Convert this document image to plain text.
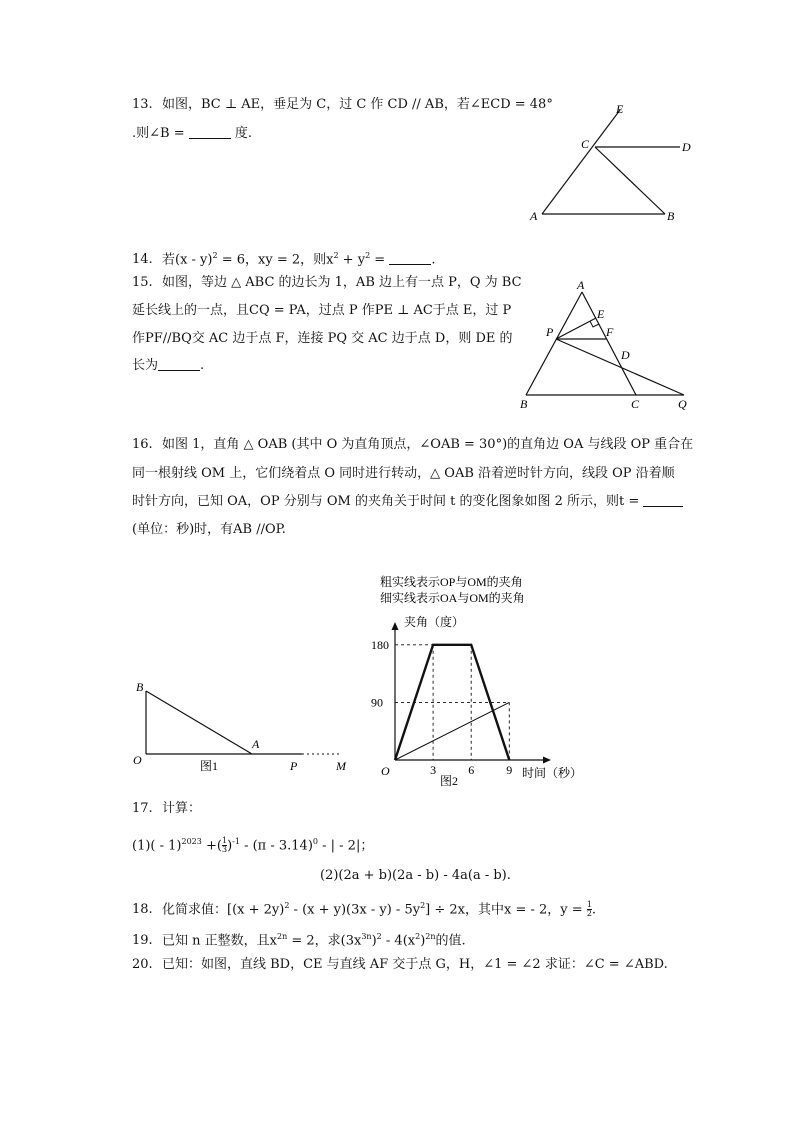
13. 如图，BC ⊥ AE，垂足为 C，过 C 作 CD // AB，若∠ECD = 48°
.则∠B =	度.
E
C	D
A	B
14. 若(x - y)$^2$ = 6，xy = 2，则$x^2 + y^2$ =	.
15. 如图，等边 △ ABC 的边长为 1，AB 边上有一点 P，Q 为 BC
延长线上的一点，且CQ = PA，过点 P 作PE ⊥ AC于点 E，过 P
作PF//BQ交 AC 边于点 F，连接 PQ 交 AC 边于点 D，则 DE 的
长为	.
A
E
P	F
D
B	C	Q
16. 如图 1，直角 △ OAB (其中 O 为直角顶点，∠OAB = 30°)的直角边 OA 与线段 OP 重合在
同一根射线 OM 上，它们绕着点 O 同时进行转动，△ OAB 沿着逆时针方向，线段 OP 沿着顺
时针方向，已知 OA，OP 分别与 OM 的夹角关于时间 t 的变化图象如图 2 所示，则t =
(单位：秒)时，有AB //OP.
B
O
A
P	M
图1
粗实线表示OP与OM的夹角
细实线表示OA与OM的夹角
夹角（度）
时间（秒）
O
图2
90
180
3	6	9
17. 计算：
(1)( - 1)$^{2023}$ +( $\frac{1}{3} )^{-1} - (\pi - 3.14)^0$ - | - 2|；
(2)(2a + b)(2a - b) - 4a(a - b).
18. 化简求值：$[(x + 2y)^2 - (x + y)(3x - y) - 5y^2] \div 2x$，其中x = - 2，$y = \frac{1}{2}$ .
19. 已知 n 正整数，且$x^{2n} = 2$，求$(3x^{3n})^2 - 4(x^2)^{2n}$的值.
20. 已知：如图，直线 BD，CE 与直线 AF 交于点 G，H，∠1 = ∠2 求证：∠C = ∠ABD.
